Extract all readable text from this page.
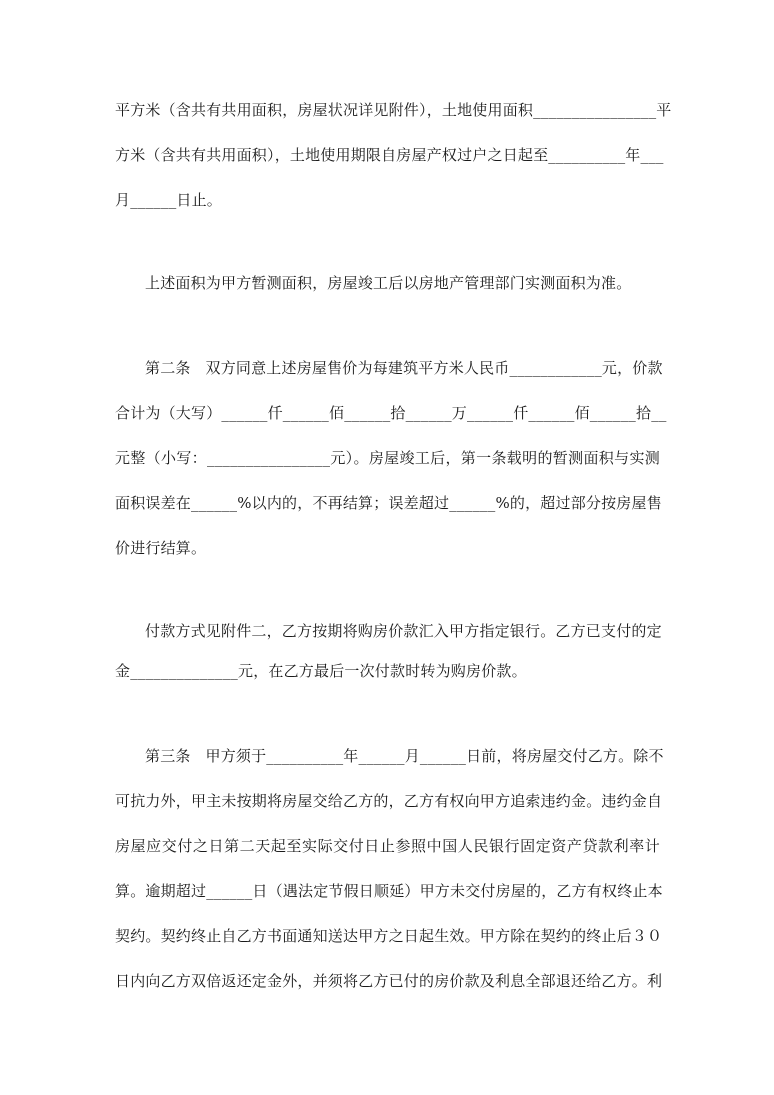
平方米（含共有共用面积，房屋状况详见附件），土地使用面积________________平
方米（含共有共用面积），土地使用期限自房屋产权过户之日起至__________年___
月______日止。
上述面积为甲方暂测面积，房屋竣工后以房地产管理部门实测面积为准。
第二条   双方同意上述房屋售价为每建筑平方米人民币____________元，价款
合计为（大写）______仟______佰______拾______万______仟______佰______拾__
元整（小写：________________元）。房屋竣工后，第一条载明的暂测面积与实测
面积误差在______%以内的，不再结算；误差超过______%的，超过部分按房屋售
价进行结算。
付款方式见附件二，乙方按期将购房价款汇入甲方指定银行。乙方已支付的定
金______________元，在乙方最后一次付款时转为购房价款。
第三条   甲方须于__________年______月______日前，将房屋交付乙方。除不
可抗力外，甲主未按期将房屋交给乙方的，乙方有权向甲方追索违约金。违约金自
房屋应交付之日第二天起至实际交付日止参照中国人民银行固定资产贷款利率计
算。逾期超过______日（遇法定节假日顺延）甲方未交付房屋的，乙方有权终止本
契约。契约终止自乙方书面通知送达甲方之日起生效。甲方除在契约的终止后３０
日内向乙方双倍返还定金外，并须将乙方已付的房价款及利息全部退还给乙方。利
